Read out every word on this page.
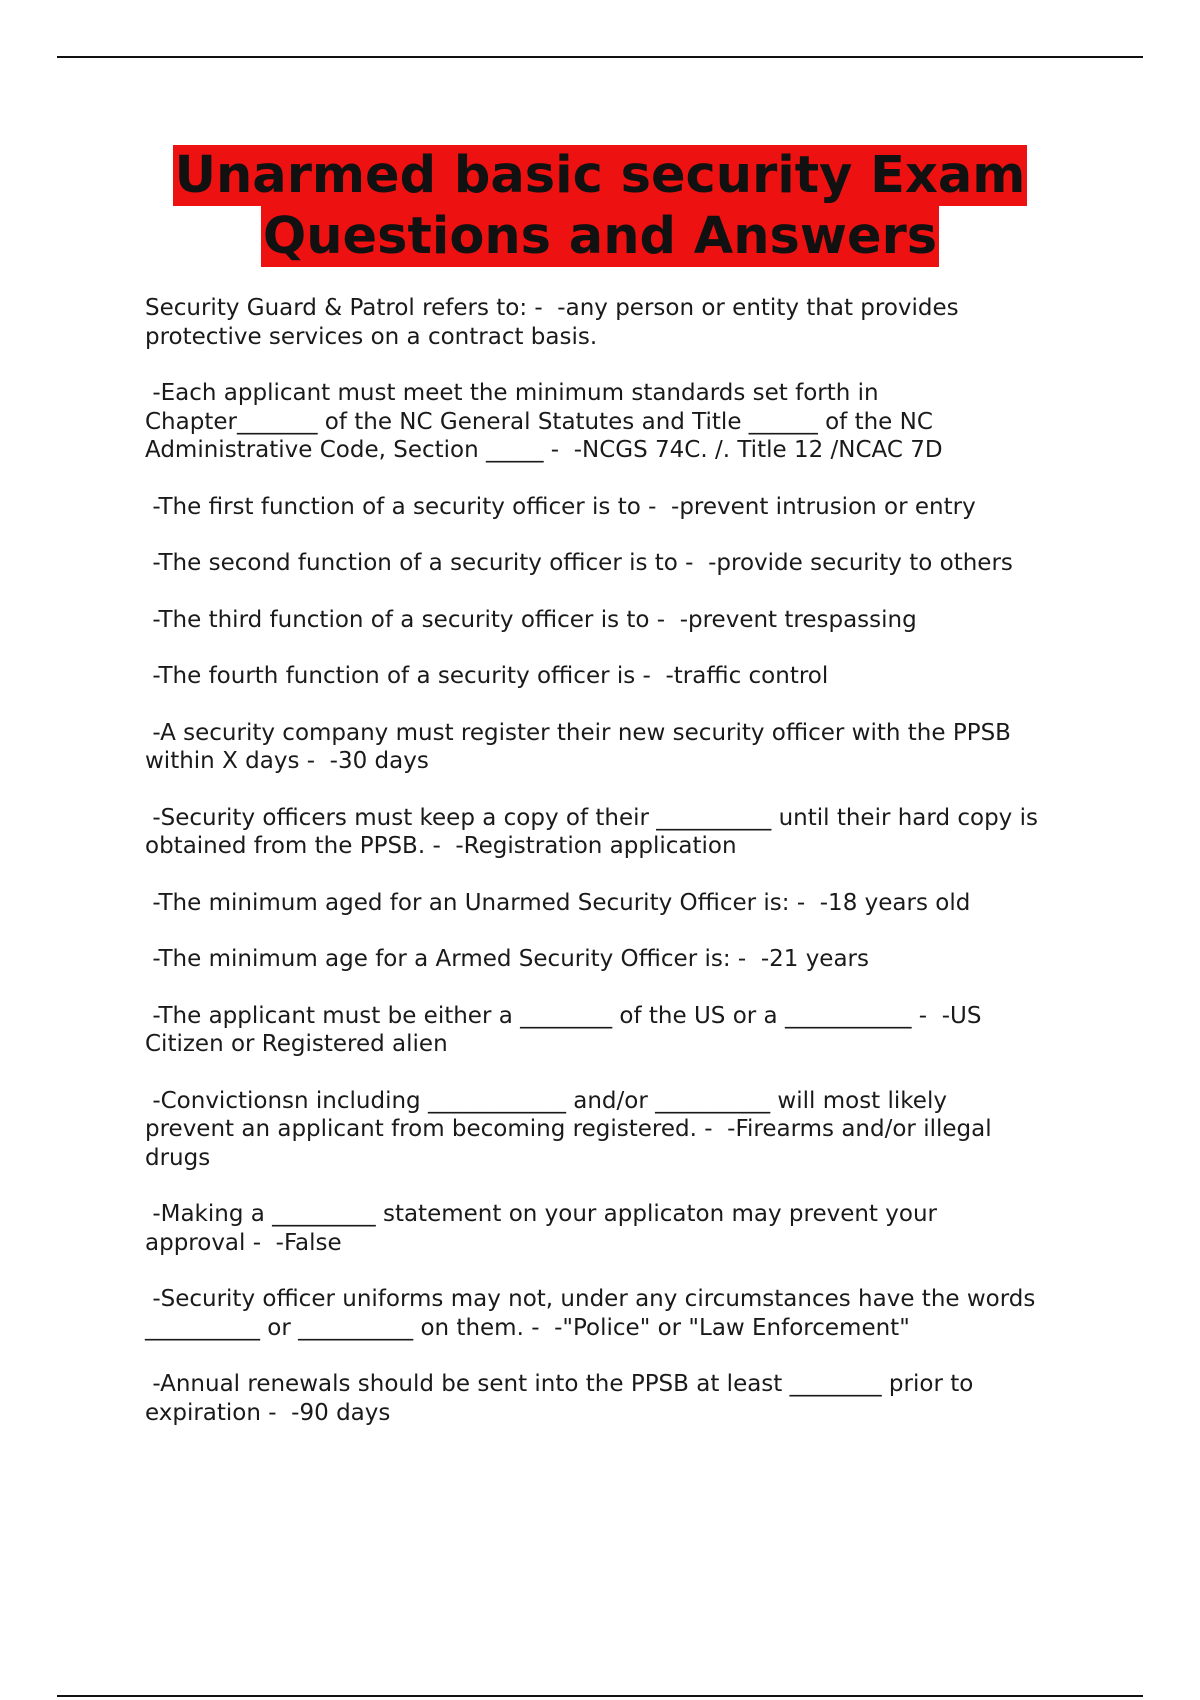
Unarmed basic security Exam
Questions and Answers

Security Guard & Patrol refers to: -  -any person or entity that provides
protective services on a contract basis.

-Each applicant must meet the minimum standards set forth in
Chapter_______ of the NC General Statutes and Title ______ of the NC
Administrative Code, Section _____ -  -NCGS 74C. /. Title 12 /NCAC 7D

-The first function of a security officer is to -  -prevent intrusion or entry

-The second function of a security officer is to -  -provide security to others

-The third function of a security officer is to -  -prevent trespassing

-The fourth function of a security officer is -  -traffic control

-A security company must register their new security officer with the PPSB
within X days -  -30 days

-Security officers must keep a copy of their __________ until their hard copy is
obtained from the PPSB. -  -Registration application

-The minimum aged for an Unarmed Security Officer is: -  -18 years old

-The minimum age for a Armed Security Officer is: -  -21 years

-The applicant must be either a ________ of the US or a ___________ -  -US
Citizen or Registered alien

-Convictionsn including ____________ and/or __________ will most likely
prevent an applicant from becoming registered. -  -Firearms and/or illegal
drugs

-Making a _________ statement on your applicaton may prevent your
approval -  -False

-Security officer uniforms may not, under any circumstances have the words
__________ or __________ on them. -  -"Police" or "Law Enforcement"

-Annual renewals should be sent into the PPSB at least ________ prior to
expiration -  -90 days
